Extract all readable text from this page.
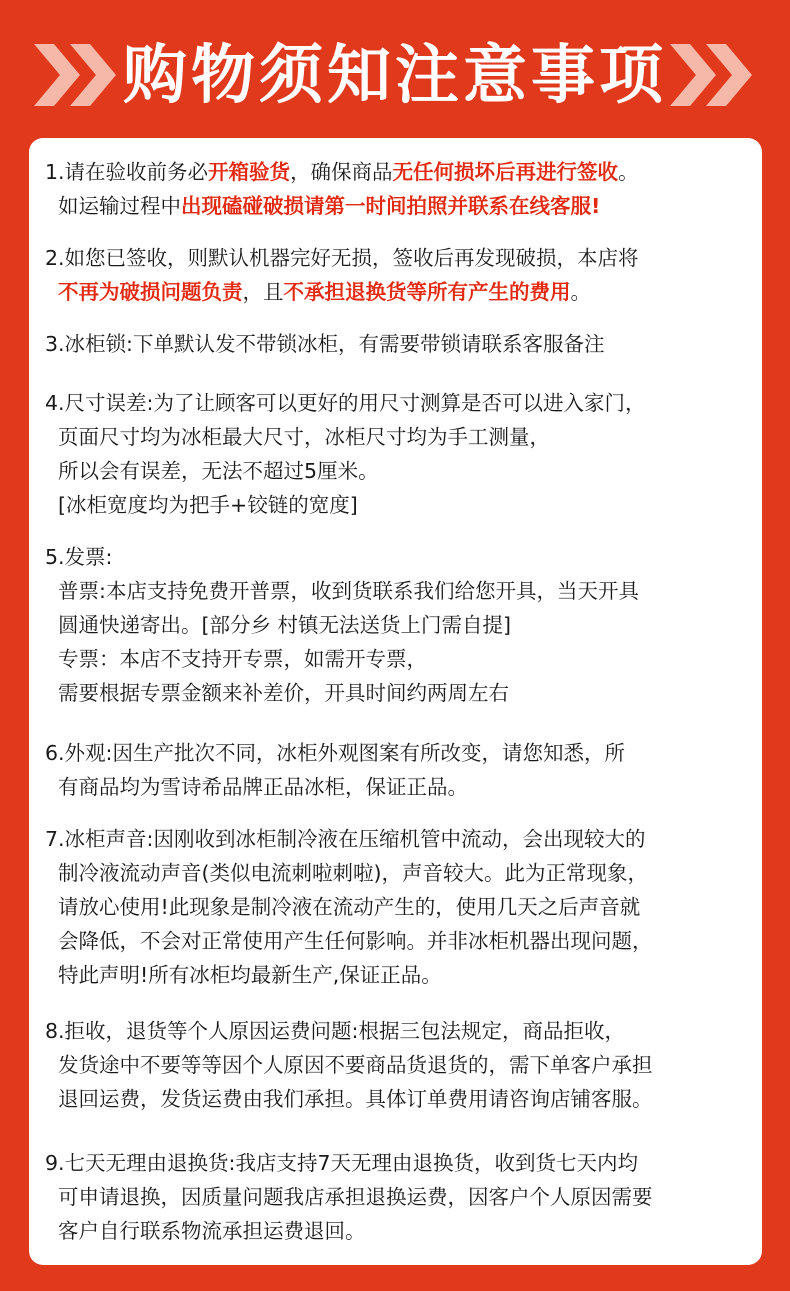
购物须知注意事项
1.请在验收前务必开箱验货，确保商品无任何损坏后再进行签收。
如运输过程中出现磕碰破损请第一时间拍照并联系在线客服!
2.如您已签收，则默认机器完好无损，签收后再发现破损，本店将
不再为破损问题负责，且不承担退换货等所有产生的费用。
3.冰柜锁:下单默认发不带锁冰柜，有需要带锁请联系客服备注
4.尺寸误差:为了让顾客可以更好的用尺寸测算是否可以进入家门，
页面尺寸均为冰柜最大尺寸，冰柜尺寸均为手工测量，
所以会有误差，无法不超过5厘米。
[冰柜宽度均为把手+铰链的宽度]
5.发票:
普票:本店支持免费开普票，收到货联系我们给您开具，当天开具
圆通快递寄出。[部分乡 村镇无法送货上门需自提]
专票：本店不支持开专票，如需开专票，
需要根据专票金额来补差价，开具时间约两周左右
6.外观:因生产批次不同，冰柜外观图案有所改变，请您知悉，所
有商品均为雪诗希品牌正品冰柜，保证正品。
7.冰柜声音:因刚收到冰柜制冷液在压缩机管中流动，会出现较大的
制冷液流动声音(类似电流刺啦刺啦)，声音较大。此为正常现象，
请放心使用!此现象是制冷液在流动产生的，使用几天之后声音就
会降低，不会对正常使用产生任何影响。并非冰柜机器出现问题，
特此声明!所有冰柜均最新生产,保证正品。
8.拒收，退货等个人原因运费问题:根据三包法规定，商品拒收，
发货途中不要等等因个人原因不要商品货退货的，需下单客户承担
退回运费，发货运费由我们承担。具体订单费用请咨询店铺客服。
9.七天无理由退换货:我店支持7天无理由退换货，收到货七天内均
可申请退换，因质量问题我店承担退换运费，因客户个人原因需要
客户自行联系物流承担运费退回。
